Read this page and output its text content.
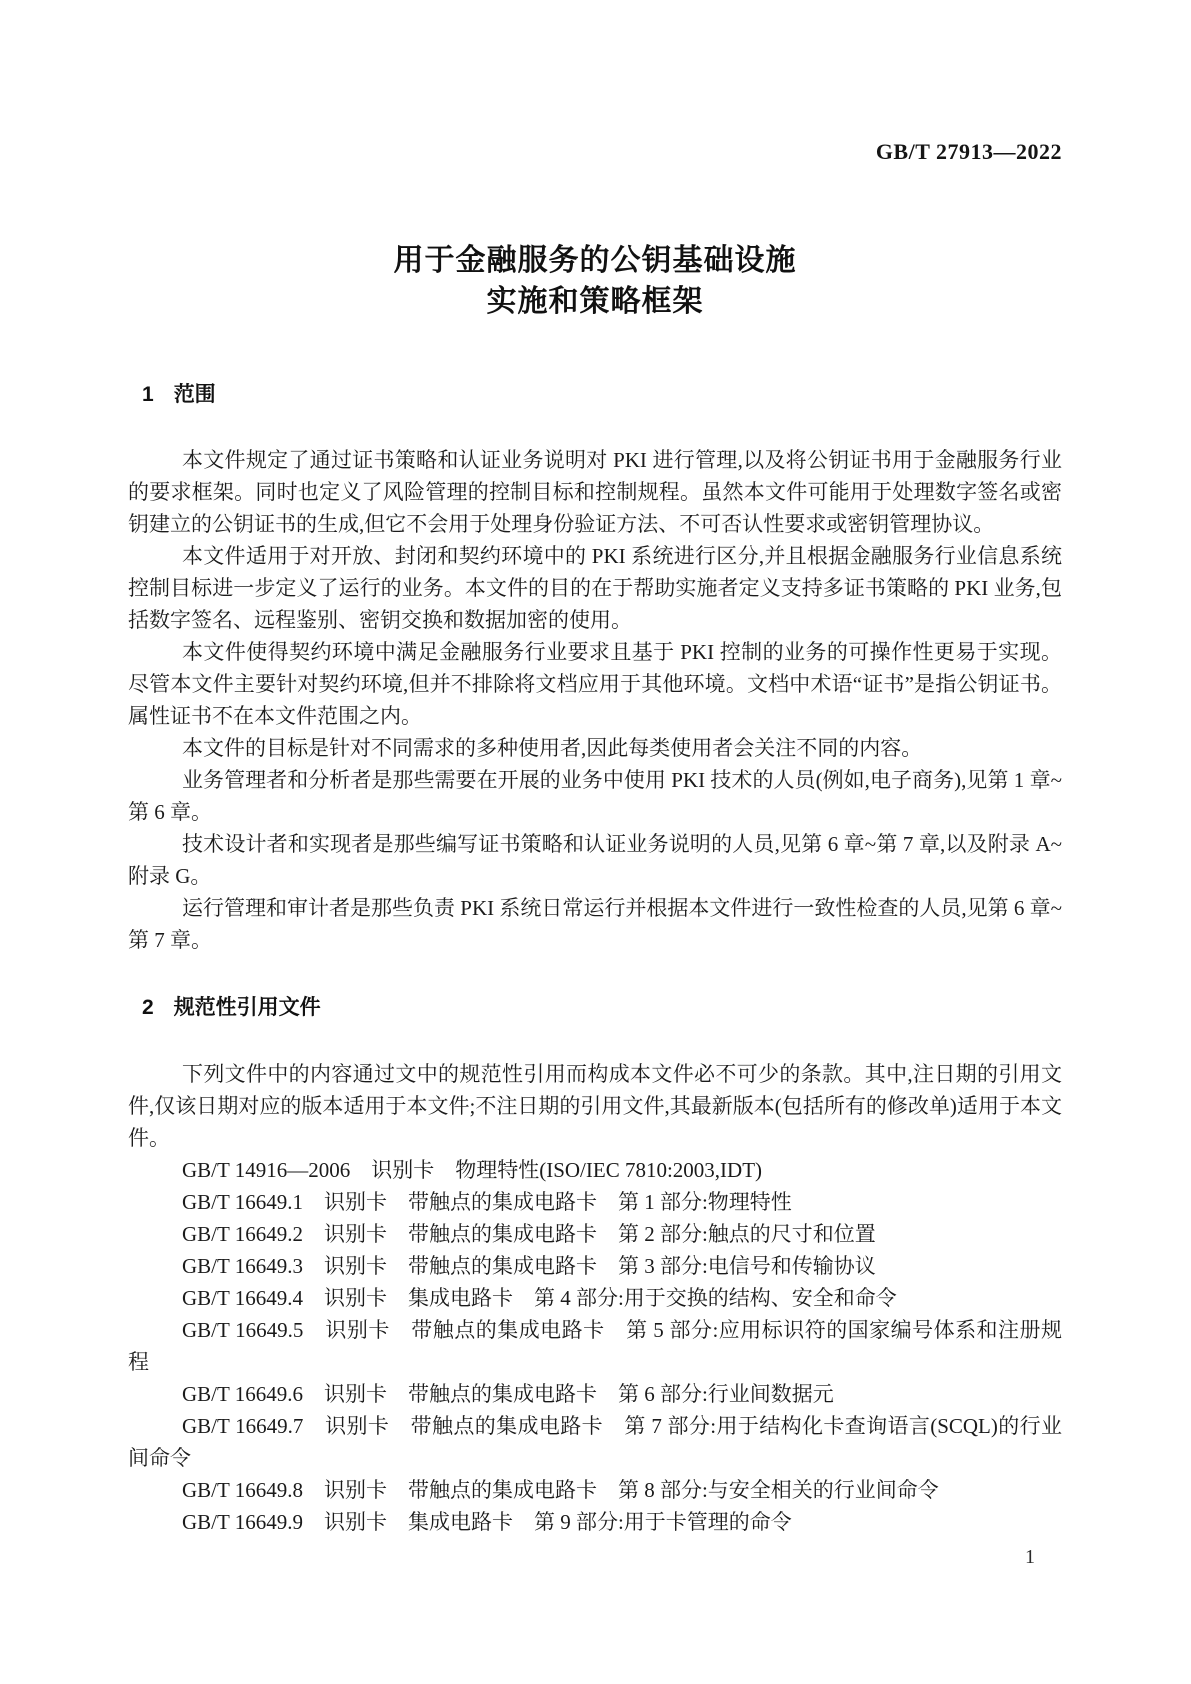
GB/T 27913—2022
用于金融服务的公钥基础设施
实施和策略框架
1 范围

本文件规定了通过证书策略和认证业务说明对 PKI 进行管理,以及将公钥证书用于金融服务行业的要求框架。同时也定义了风险管理的控制目标和控制规程。虽然本文件可能用于处理数字签名或密钥建立的公钥证书的生成,但它不会用于处理身份验证方法、不可否认性要求或密钥管理协议。

本文件适用于对开放、封闭和契约环境中的 PKI 系统进行区分,并且根据金融服务行业信息系统控制目标进一步定义了运行的业务。本文件的目的在于帮助实施者定义支持多证书策略的 PKI 业务,包括数字签名、远程鉴别、密钥交换和数据加密的使用。

本文件使得契约环境中满足金融服务行业要求且基于 PKI 控制的业务的可操作性更易于实现。尽管本文件主要针对契约环境,但并不排除将文档应用于其他环境。文档中术语“证书”是指公钥证书。属性证书不在本文件范围之内。

本文件的目标是针对不同需求的多种使用者,因此每类使用者会关注不同的内容。

业务管理者和分析者是那些需要在开展的业务中使用 PKI 技术的人员(例如,电子商务),见第 1 章~第 6 章。

技术设计者和实现者是那些编写证书策略和认证业务说明的人员,见第 6 章~第 7 章,以及附录 A~附录 G。

运行管理和审计者是那些负责 PKI 系统日常运行并根据本文件进行一致性检查的人员,见第 6 章~第 7 章。

2 规范性引用文件

下列文件中的内容通过文中的规范性引用而构成本文件必不可少的条款。其中,注日期的引用文件,仅该日期对应的版本适用于本文件;不注日期的引用文件,其最新版本(包括所有的修改单)适用于本文件。

GB/T 14916—2006　识别卡　物理特性(ISO/IEC 7810:2003,IDT)

GB/T 16649.1　识别卡　带触点的集成电路卡　第 1 部分:物理特性

GB/T 16649.2　识别卡　带触点的集成电路卡　第 2 部分:触点的尺寸和位置

GB/T 16649.3　识别卡　带触点的集成电路卡　第 3 部分:电信号和传输协议

GB/T 16649.4　识别卡　集成电路卡　第 4 部分:用于交换的结构、安全和命令

GB/T 16649.5　识别卡　带触点的集成电路卡　第 5 部分:应用标识符的国家编号体系和注册规程

GB/T 16649.6　识别卡　带触点的集成电路卡　第 6 部分:行业间数据元

GB/T 16649.7　识别卡　带触点的集成电路卡　第 7 部分:用于结构化卡查询语言(SCQL)的行业间命令

GB/T 16649.8　识别卡　带触点的集成电路卡　第 8 部分:与安全相关的行业间命令

GB/T 16649.9　识别卡　集成电路卡　第 9 部分:用于卡管理的命令

1
